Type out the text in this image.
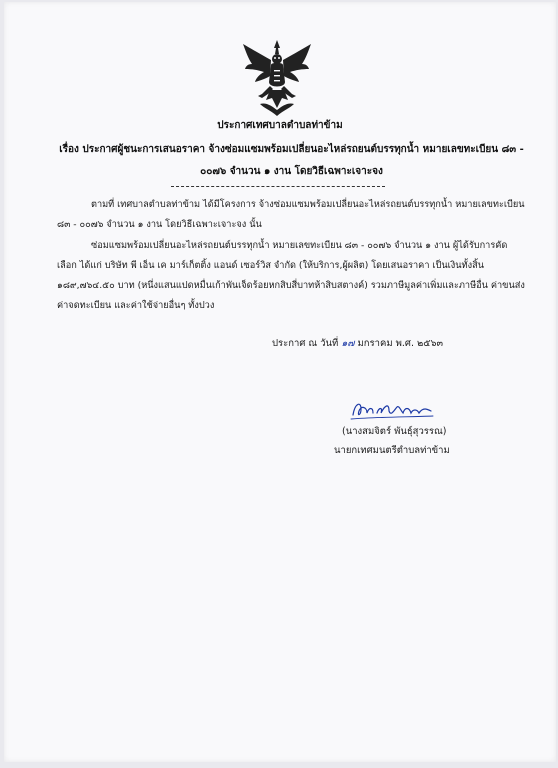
ประกาศเทศบาลตำบลท่าข้าม
เรื่อง ประกาศผู้ชนะการเสนอราคา จ้างซ่อมแซมพร้อมเปลี่ยนอะไหล่รถยนต์บรรทุกน้ำ หมายเลขทะเบียน ๘๓ -
๐๐๗๖ จำนวน ๑ งาน โดยวิธีเฉพาะเจาะจง
ตามที่ เทศบาลตำบลท่าข้าม ได้มีโครงการ จ้างซ่อมแซมพร้อมเปลี่ยนอะไหล่รถยนต์บรรทุกน้ำ หมายเลขทะเบียน ๘๓ - ๐๐๗๖ จำนวน ๑ งาน โดยวิธีเฉพาะเจาะจง นั้น
ซ่อมแซมพร้อมเปลี่ยนอะไหล่รถยนต์บรรทุกน้ำ หมายเลขทะเบียน ๘๓ - ๐๐๗๖ จำนวน ๑ งาน ผู้ได้รับการคัดเลือก ได้แก่ บริษัท พี เอ็น เค มาร์เก็ตติ้ง แอนด์ เซอร์วิส จำกัด (ให้บริการ,ผู้ผลิต) โดยเสนอราคา เป็นเงินทั้งสิ้น ๑๘๙,๗๖๔.๕๐ บาท (หนึ่งแสนแปดหมื่นเก้าพันเจ็ดร้อยหกสิบสี่บาทห้าสิบสตางค์) รวมภาษีมูลค่าเพิ่มและภาษีอื่น ค่าขนส่ง ค่าจดทะเบียน และค่าใช้จ่ายอื่นๆ ทั้งปวง
ประกาศ ณ วันที่ ๑๗ มกราคม พ.ศ. ๒๕๖๓
(นางสมจิตร์ พันธุ์สุวรรณ)
นายกเทศมนตรีตำบลท่าข้าม
